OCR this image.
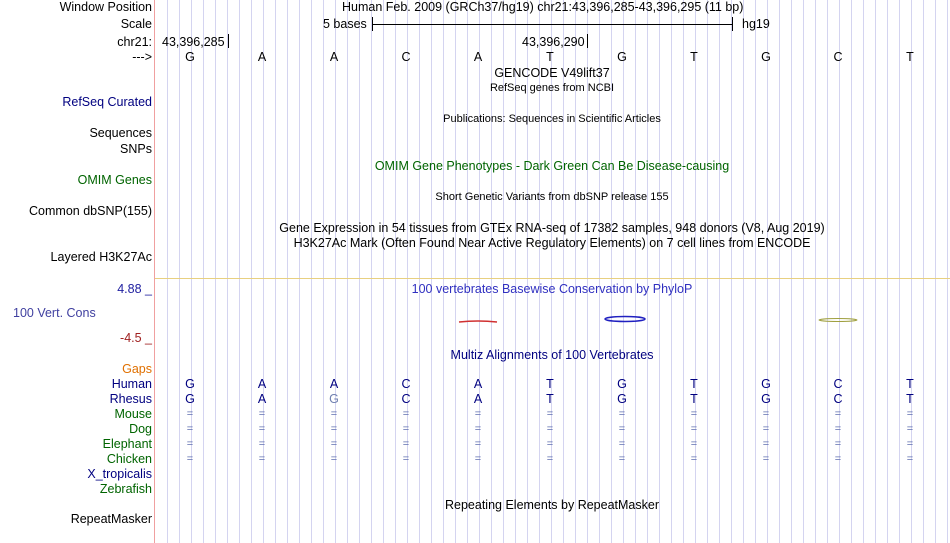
Window Position	Human Feb. 2009 (GRCh37/hg19) chr21:43,396,285-43,396,295 (11 bp)
Scale	5 bases	hg19
chr21: 43,396,285	43,396,290
--->	G	A	A	C	A	T	G	T	G	C	T
GENCODE V49lift37
RefSeq genes from NCBI
RefSeq Curated
Publications: Sequences in Scientific Articles
Sequences
SNPs
OMIM Gene Phenotypes - Dark Green Can Be Disease-causing
OMIM Genes
Short Genetic Variants from dbSNP release 155
Common dbSNP(155)
Gene Expression in 54 tissues from GTEx RNA-seq of 17382 samples, 948 donors (V8, Aug 2019)
H3K27Ac Mark (Often Found Near Active Regulatory Elements) on 7 cell lines from ENCODE
Layered H3K27Ac
4.88 _	100 vertebrates Basewise Conservation by PhyloP
100 Vert. Cons
-4.5 _
Multiz Alignments of 100 Vertebrates
Gaps
Human	G	A	A	C	A	T	G	T	G	C	T
Rhesus	G	A	G	C	A	T	G	T	G	C	T
Mouse	=	=	=	=	=	=	=	=	=	=	=
Dog	=	=	=	=	=	=	=	=	=	=	=
Elephant	=	=	=	=	=	=	=	=	=	=	=
Chicken	=	=	=	=	=	=	=	=	=	=	=
X_tropicalis
Zebrafish
Repeating Elements by RepeatMasker
RepeatMasker
